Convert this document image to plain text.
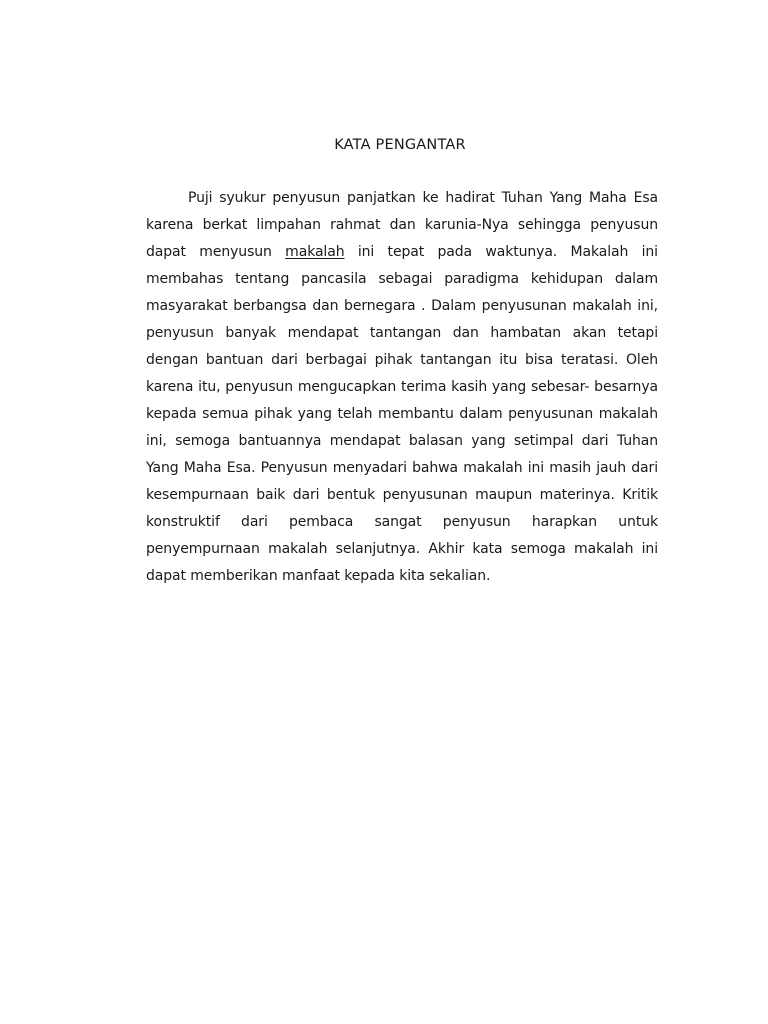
KATA PENGANTAR

Puji syukur penyusun panjatkan ke hadirat Tuhan Yang Maha Esa karena berkat limpahan rahmat dan karunia-Nya sehingga penyusun dapat menyusun makalah ini tepat pada waktunya. Makalah ini membahas tentang pancasila sebagai paradigma kehidupan dalam masyarakat berbangsa dan bernegara . Dalam penyusunan makalah ini, penyusun banyak mendapat tantangan dan hambatan akan tetapi dengan bantuan dari berbagai pihak tantangan itu bisa teratasi. Oleh karena itu, penyusun mengucapkan terima kasih yang sebesar- besarnya kepada semua pihak yang telah membantu dalam penyusunan makalah ini, semoga bantuannya mendapat balasan yang setimpal dari Tuhan Yang Maha Esa. Penyusun menyadari bahwa makalah ini masih jauh dari kesempurnaan baik dari bentuk penyusunan maupun materinya. Kritik konstruktif dari pembaca sangat penyusun harapkan untuk penyempurnaan makalah selanjutnya. Akhir kata semoga makalah ini dapat memberikan manfaat kepada kita sekalian.
